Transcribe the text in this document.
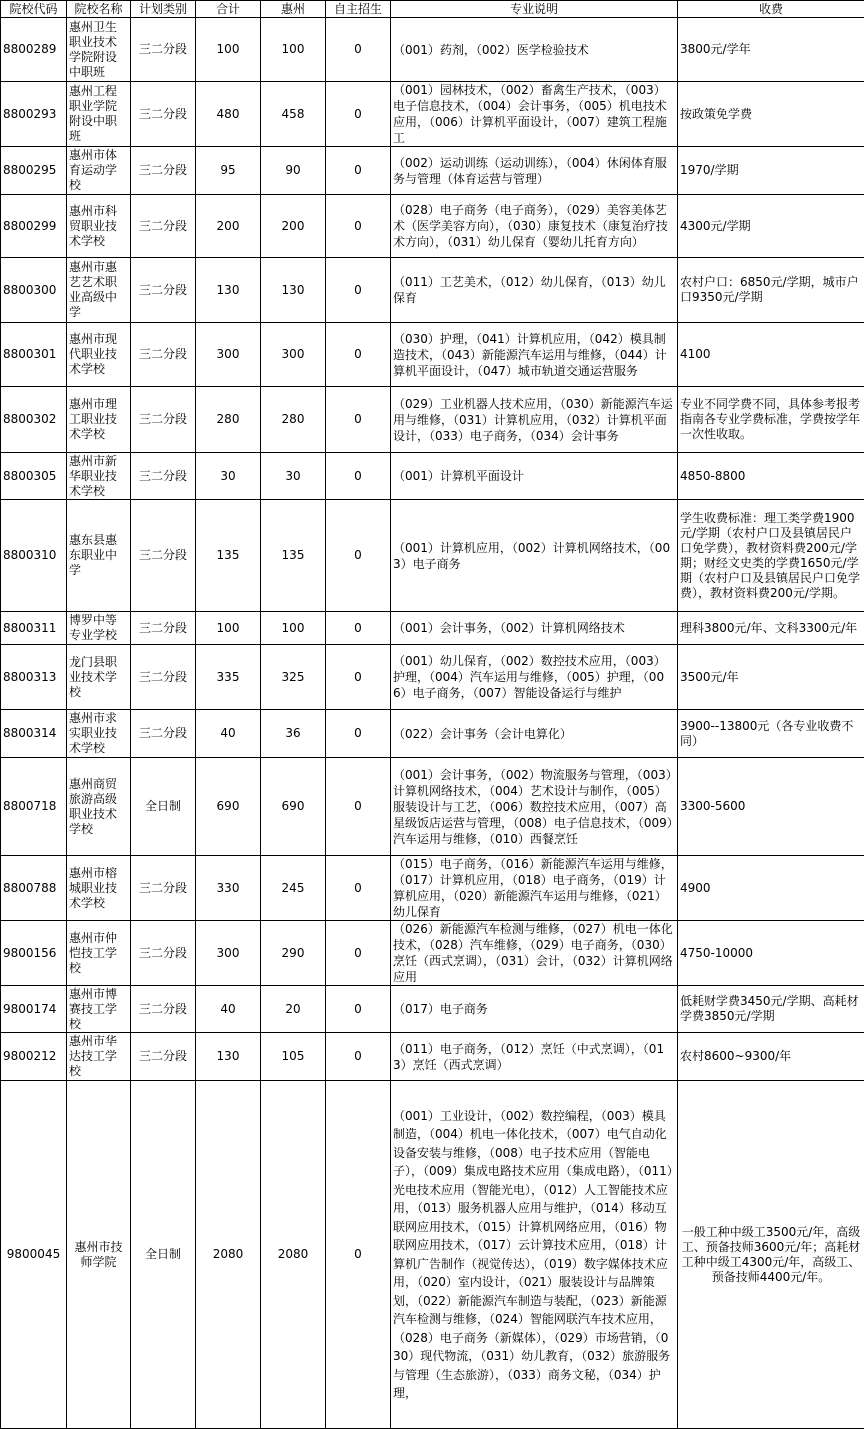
院校代码	院校名称	计划类别	合计	惠州	自主招生	专业说明	收费
8800289	惠州卫生职业技术学院附设中职班	三二分段	100	100	0	（001）药剂，（002）医学检验技术	3800元/学年
8800293	惠州工程职业学院附设中职班	三二分段	480	458	0	（001）园林技术，（002）畜禽生产技术，（003）电子信息技术，（004）会计事务，（005）机电技术应用，（006）计算机平面设计，（007）建筑工程施工	按政策免学费
8800295	惠州市体育运动学校	三二分段	95	90	0	（002）运动训练（运动训练），（004）休闲体育服务与管理（体育运营与管理）	1970/学期
8800299	惠州市科贸职业技术学校	三二分段	200	200	0	（028）电子商务（电子商务），（029）美容美体艺术（医学美容方向），（030）康复技术（康复治疗技术方向），（031）幼儿保育（婴幼儿托育方向）	4300元/学期
8800300	惠州市惠艺艺术职业高级中学	三二分段	130	130	0	（011）工艺美术，（012）幼儿保育，（013）幼儿保育	农村户口：6850元/学期，城市户口9350元/学期
8800301	惠州市现代职业技术学校	三二分段	300	300	0	（030）护理，（041）计算机应用，（042）模具制造技术，（043）新能源汽车运用与维修，（044）计算机平面设计，（047）城市轨道交通运营服务	4100
8800302	惠州市理工职业技术学校	三二分段	280	280	0	（029）工业机器人技术应用，（030）新能源汽车运用与维修，（031）计算机应用，（032）计算机平面设计，（033）电子商务，（034）会计事务	专业不同学费不同，具体参考报考指南各专业学费标准，学费按学年一次性收取。
8800305	惠州市新华职业技术学校	三二分段	30	30	0	（001）计算机平面设计	4850-8800
8800310	惠东县惠东职业中学	三二分段	135	135	0	（001）计算机应用，（002）计算机网络技术，（003）电子商务	学生收费标准：理工类学费1900元/学期（农村户口及县镇居民户口免学费），教材资料费200元/学期；财经文史类的学费1650元/学期（农村户口及县镇居民户口免学费），教材资料费200元/学期。
8800311	博罗中等专业学校	三二分段	100	100	0	（001）会计事务，（002）计算机网络技术	理科3800元/年、文科3300元/年
8800313	龙门县职业技术学校	三二分段	335	325	0	（001）幼儿保育，（002）数控技术应用，（003）护理，（004）汽车运用与维修，（005）护理，（006）电子商务，（007）智能设备运行与维护	3500元/年
8800314	惠州市求实职业技术学校	三二分段	40	36	0	（022）会计事务（会计电算化）	3900--13800元（各专业收费不同）
8800718	惠州商贸旅游高级职业技术学校	全日制	690	690	0	（001）会计事务，（002）物流服务与管理，（003）计算机网络技术，（004）艺术设计与制作，（005）服装设计与工艺，（006）数控技术应用，（007）高星级饭店运营与管理，（008）电子信息技术，（009）汽车运用与维修，（010）西餐烹饪	3300-5600
8800788	惠州市榕城职业技术学校	三二分段	330	245	0	（015）电子商务，（016）新能源汽车运用与维修，（017）计算机应用，（018）电子商务，（019）计算机应用，（020）新能源汽车运用与维修，（021）幼儿保育	4900
9800156	惠州市仲恺技工学校	三二分段	300	290	0	（026）新能源汽车检测与维修，（027）机电一体化技术，（028）汽车维修，（029）电子商务，（030）烹饪（西式烹调），（031）会计，（032）计算机网络应用	4750-10000
9800174	惠州市博赛技工学校	三二分段	40	20	0	（017）电子商务	低耗财学费3450元/学期、高耗材学费3850元/学期
9800212	惠州市华达技工学校	三二分段	130	105	0	（011）电子商务，（012）烹饪（中式烹调），（013）烹饪（西式烹调）	农村8600~9300/年
9800045	惠州市技师学院	全日制	2080	2080	0	（001）工业设计，（002）数控编程，（003）模具制造，（004）机电一体化技术，（007）电气自动化设备安装与维修，（008）电子技术应用（智能电子），（009）集成电路技术应用（集成电路），（011）光电技术应用（智能光电），（012）人工智能技术应用，（013）服务机器人应用与维护，（014）移动互联网应用技术，（015）计算机网络应用，（016）物联网应用技术，（017）云计算技术应用，（018）计算机广告制作（视觉传达），（019）数字媒体技术应用，（020）室内设计，（021）服装设计与品牌策划，（022）新能源汽车制造与装配，（023）新能源汽车检测与维修，（024）智能网联汽车技术应用，（028）电子商务（新媒体），（029）市场营销，（030）现代物流，（031）幼儿教育，（032）旅游服务与管理（生态旅游），（033）商务文秘，（034）护理，	一般工种中级工3500元/年，高级工、预备技师3600元/年；高耗材工种中级工4300元/年，高级工、预备技师4400元/年。
